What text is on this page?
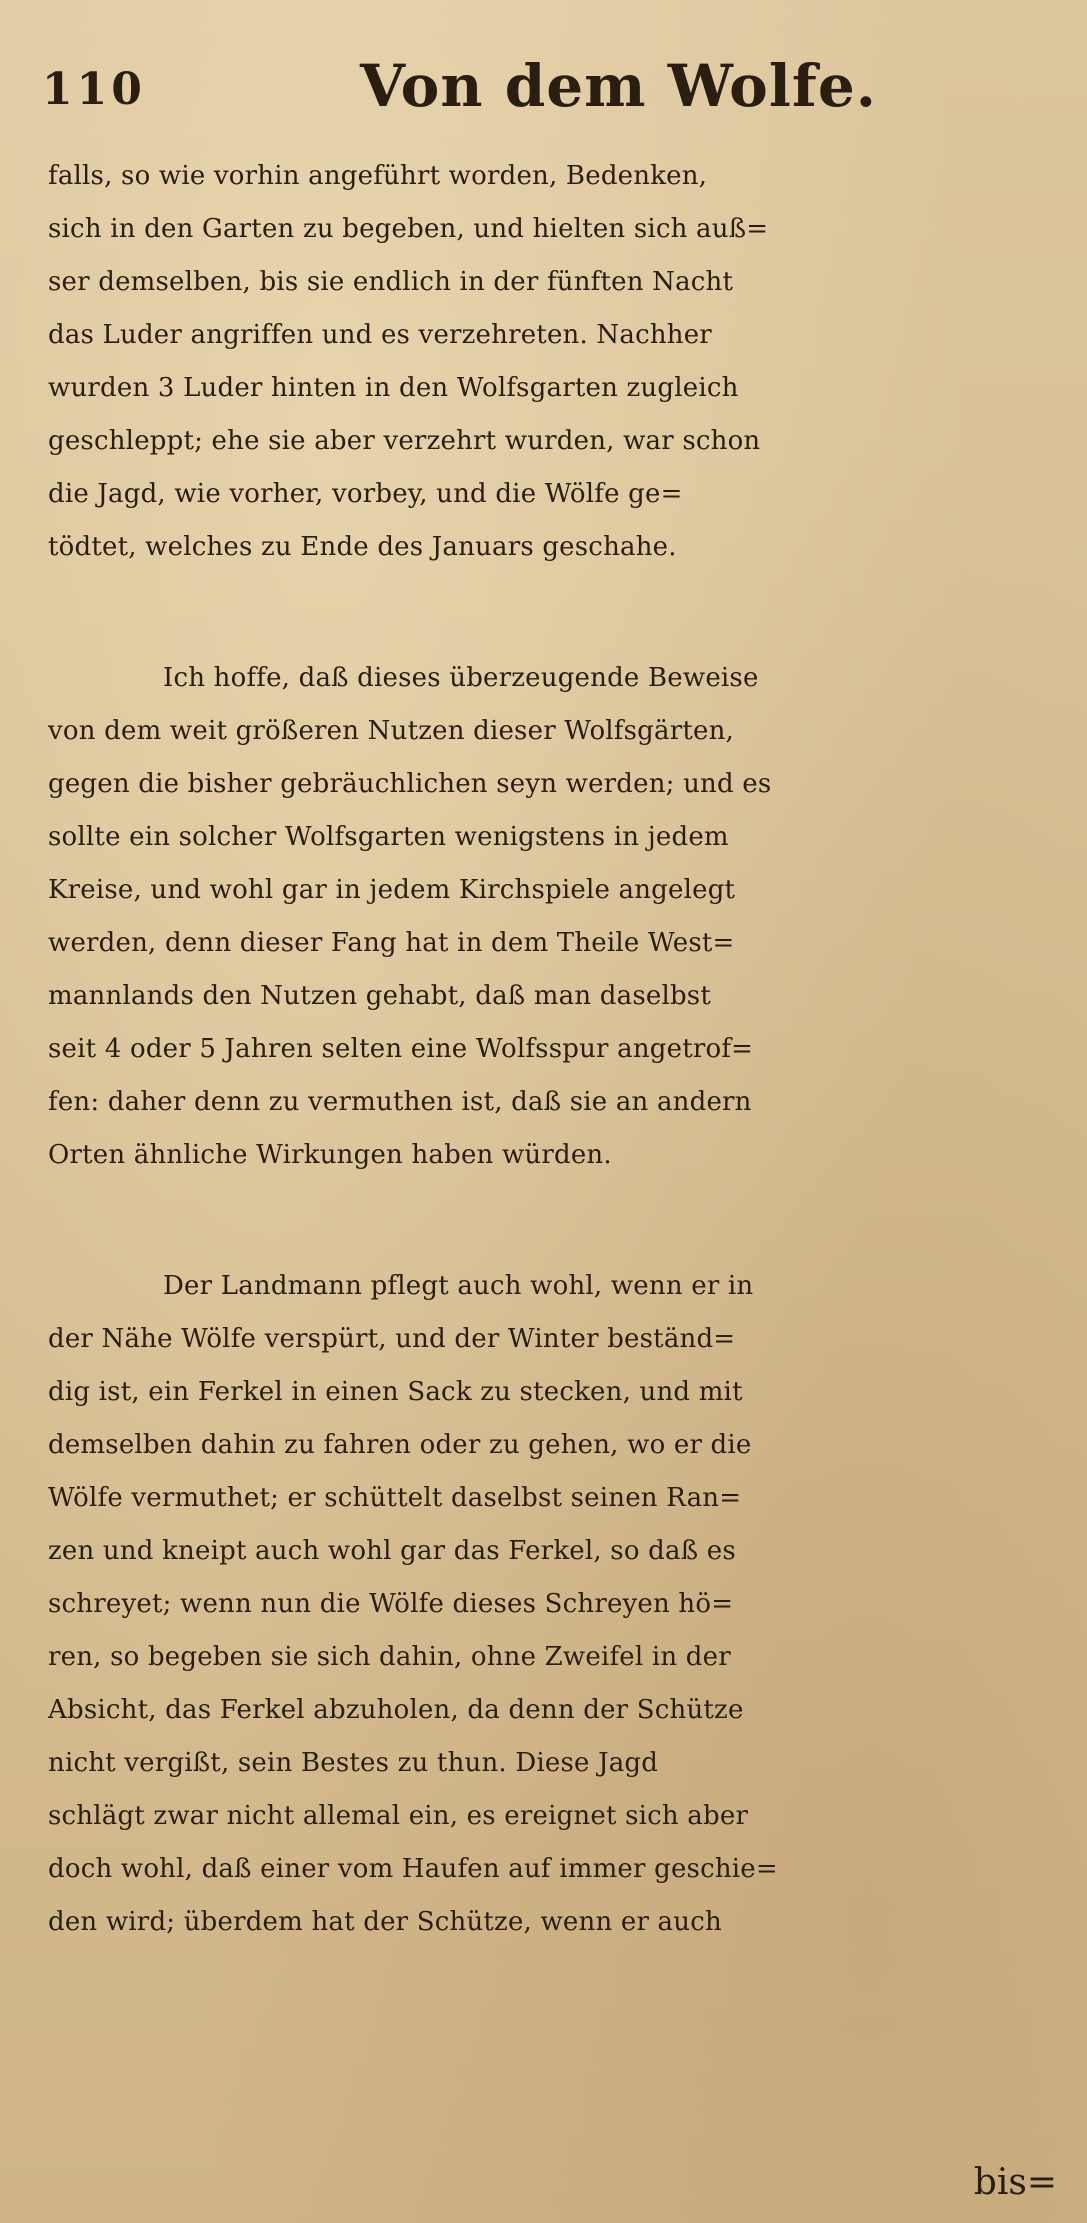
110	Von dem Wolfe.
falls, so wie vorhin angeführt worden, Bedenken,
sich in den Garten zu begeben, und hielten sich auß=
ser demselben, bis sie endlich in der fünften Nacht
das Luder angriffen und es verzehreten. Nachher
wurden 3 Luder hinten in den Wolfsgarten zugleich
geschleppt; ehe sie aber verzehrt wurden, war schon
die Jagd, wie vorher, vorbey, und die Wölfe ge=
tödtet, welches zu Ende des Januars geschahe.
Ich hoffe, daß dieses überzeugende Beweise
von dem weit größeren Nutzen dieser Wolfsgärten,
gegen die bisher gebräuchlichen seyn werden; und es
sollte ein solcher Wolfsgarten wenigstens in jedem
Kreise, und wohl gar in jedem Kirchspiele angelegt
werden, denn dieser Fang hat in dem Theile West=
mannlands den Nutzen gehabt, daß man daselbst
seit 4 oder 5 Jahren selten eine Wolfsspur angetrof=
fen: daher denn zu vermuthen ist, daß sie an andern
Orten ähnliche Wirkungen haben würden.
Der Landmann pflegt auch wohl, wenn er in
der Nähe Wölfe verspürt, und der Winter beständ=
dig ist, ein Ferkel in einen Sack zu stecken, und mit
demselben dahin zu fahren oder zu gehen, wo er die
Wölfe vermuthet; er schüttelt daselbst seinen Ran=
zen und kneipt auch wohl gar das Ferkel, so daß es
schreyet; wenn nun die Wölfe dieses Schreyen hö=
ren, so begeben sie sich dahin, ohne Zweifel in der
Absicht, das Ferkel abzuholen, da denn der Schütze
nicht vergißt, sein Bestes zu thun. Diese Jagd
schlägt zwar nicht allemal ein, es ereignet sich aber
doch wohl, daß einer vom Haufen auf immer geschie=
den wird; überdem hat der Schütze, wenn er auch
bis=
